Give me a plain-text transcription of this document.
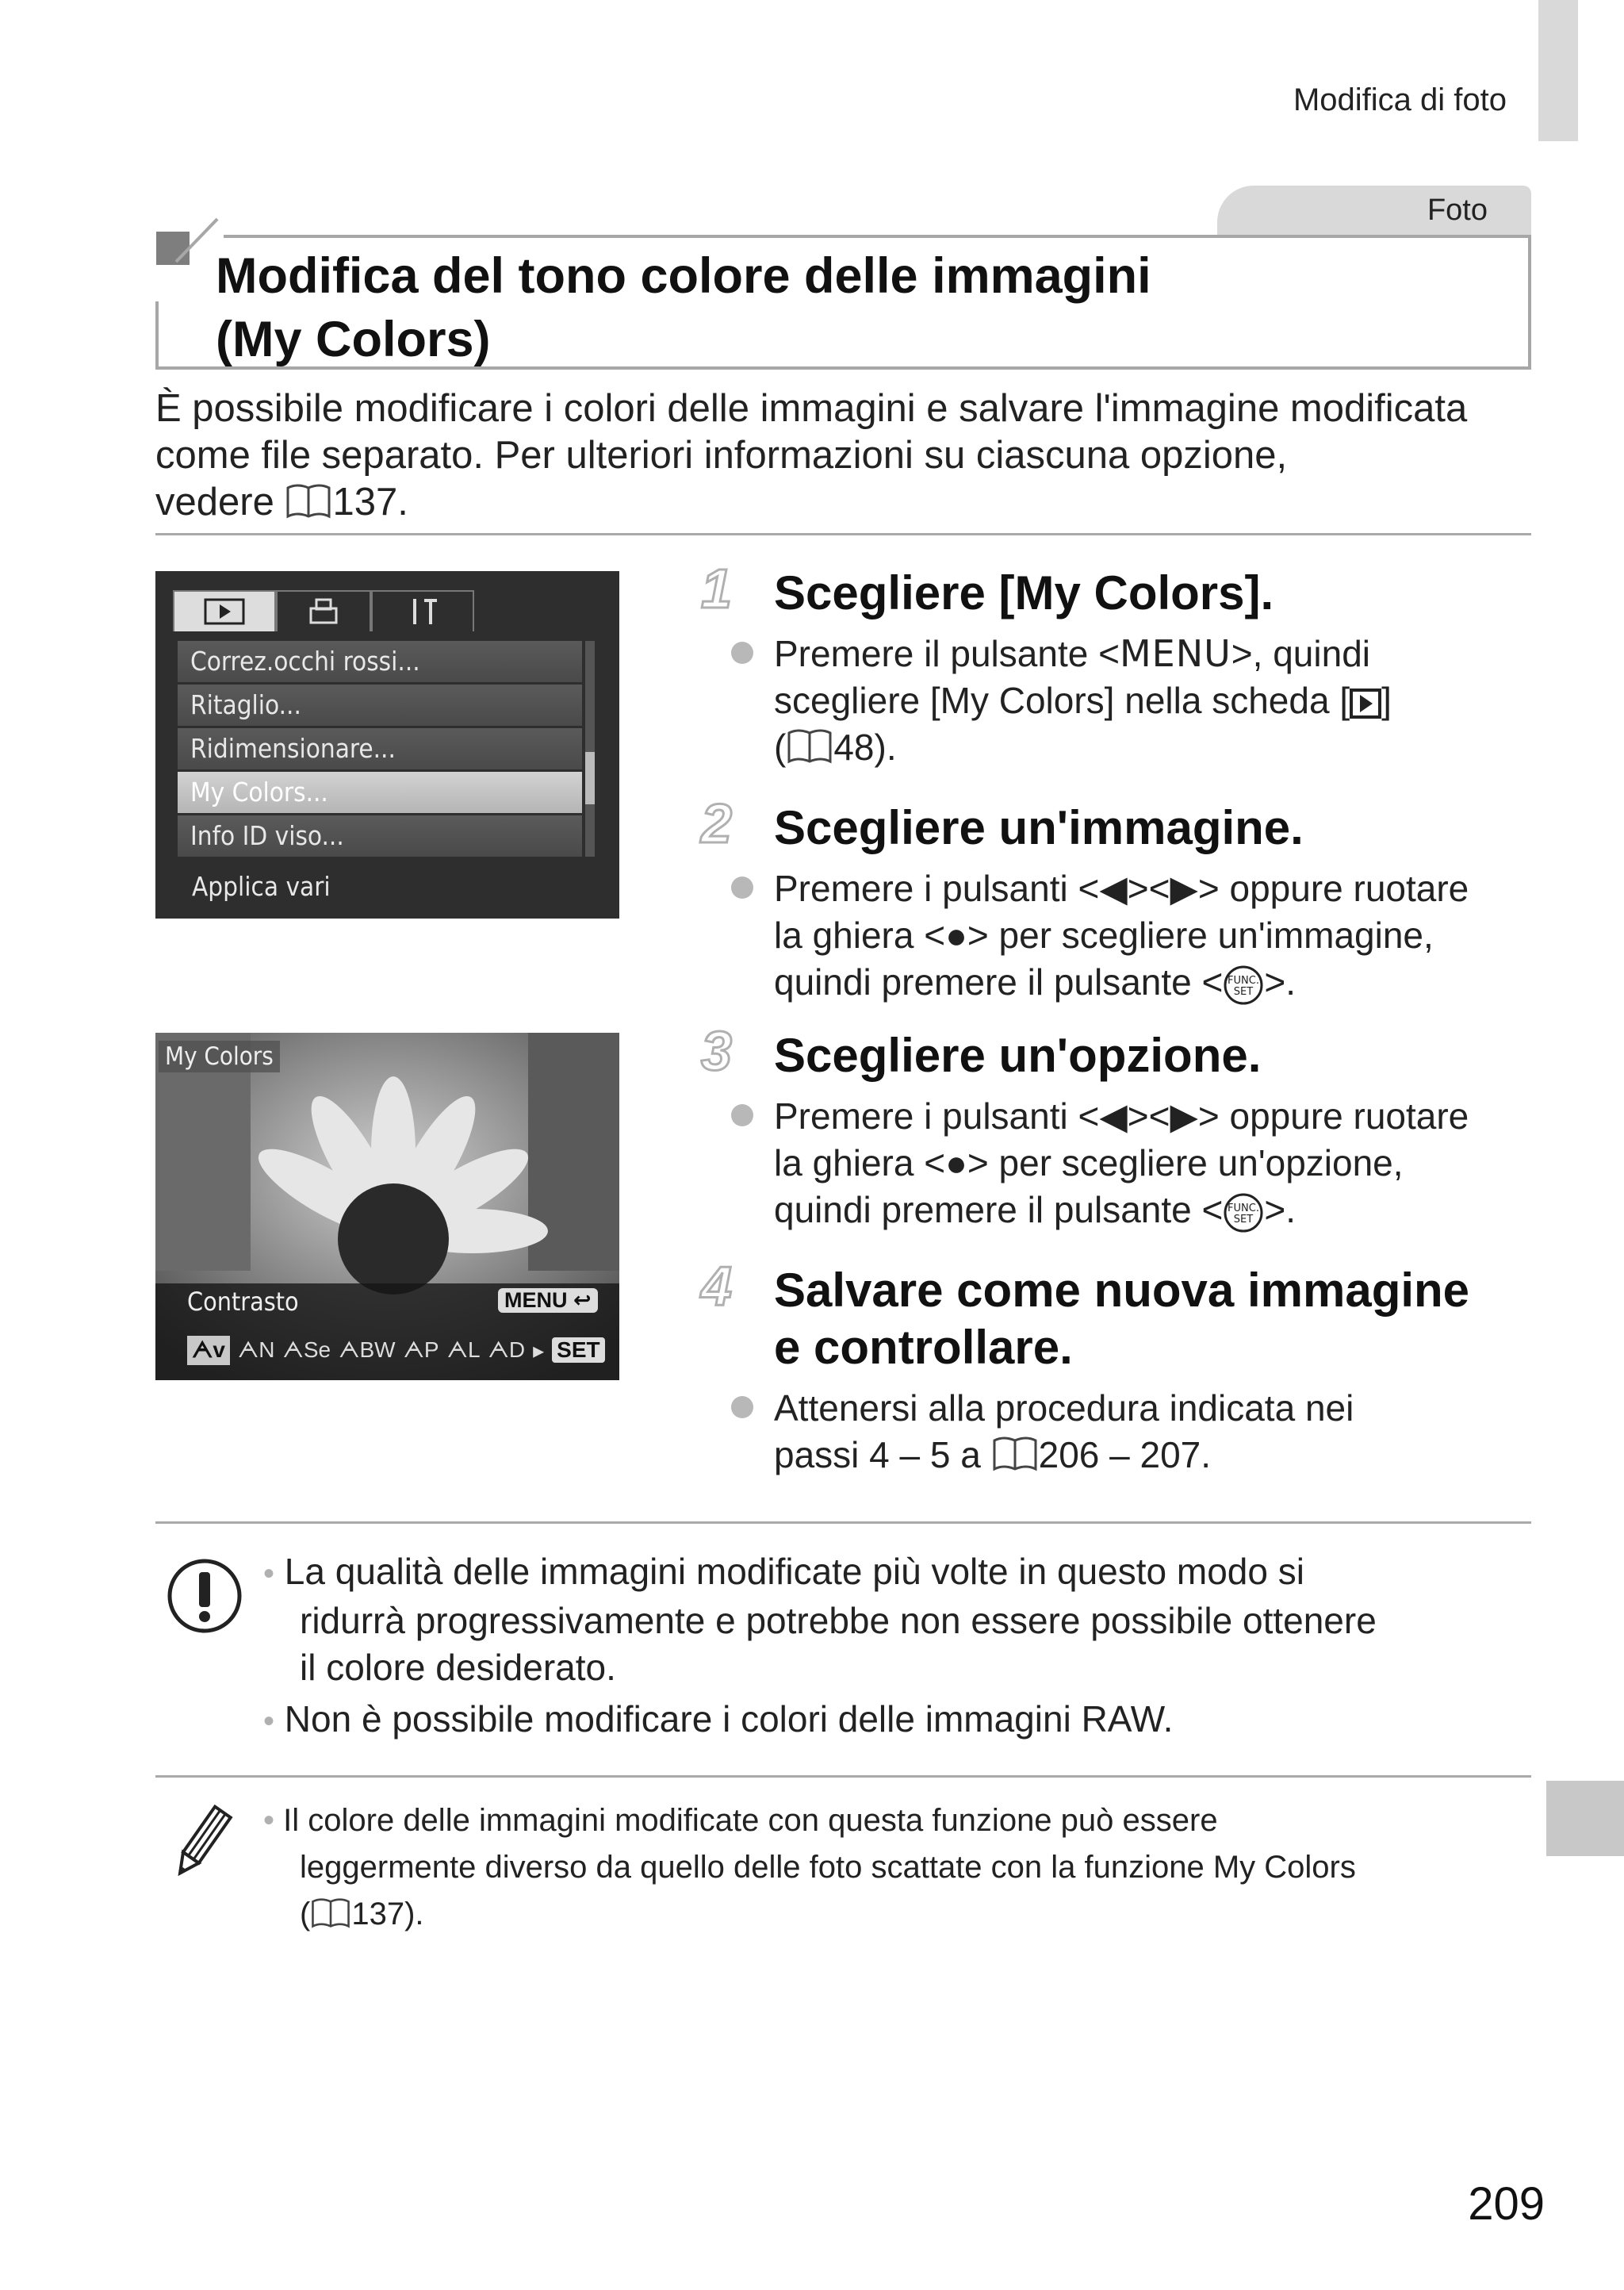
Modifica di foto
Foto
Modifica del tono colore delle immagini
(My Colors)
È possibile modificare i colori delle immagini e salvare l'immagine modificata
come file separato. Per ulteriori informazioni su ciascuna opzione,
vedere 137.
Correz.occhi rossi...
Ritaglio...
Ridimensionare...
My Colors...
Info ID viso...
Applica vari
My Colors
Contrasto	MENU ↩
ᗅv ᗅN ᗅSe ᗅBW ᗅP ᗅL ᗅD ▸ SET
1 Scegliere [My Colors].
Premere il pulsante <MENU>, quindi
scegliere [My Colors] nella scheda [ ]
( 48).
2 Scegliere un'immagine.
Premere i pulsanti <◀><▶> oppure ruotare
la ghiera <●> per scegliere un'immagine,
quindi premere il pulsante < FUNC.
SET >.
3 Scegliere un'opzione.
Premere i pulsanti <◀><▶> oppure ruotare
la ghiera <●> per scegliere un'opzione,
quindi premere il pulsante < FUNC.
SET >.
4 Salvare come nuova immagine
e controllare.
Attenersi alla procedura indicata nei
passi 4 – 5 a 206 – 207.
• La qualità delle immagini modificate più volte in questo modo si
ridurrà progressivamente e potrebbe non essere possibile ottenere
il colore desiderato.
• Non è possibile modificare i colori delle immagini RAW.
• Il colore delle immagini modificate con questa funzione può essere
leggermente diverso da quello delle foto scattate con la funzione My Colors
( 137).
209
